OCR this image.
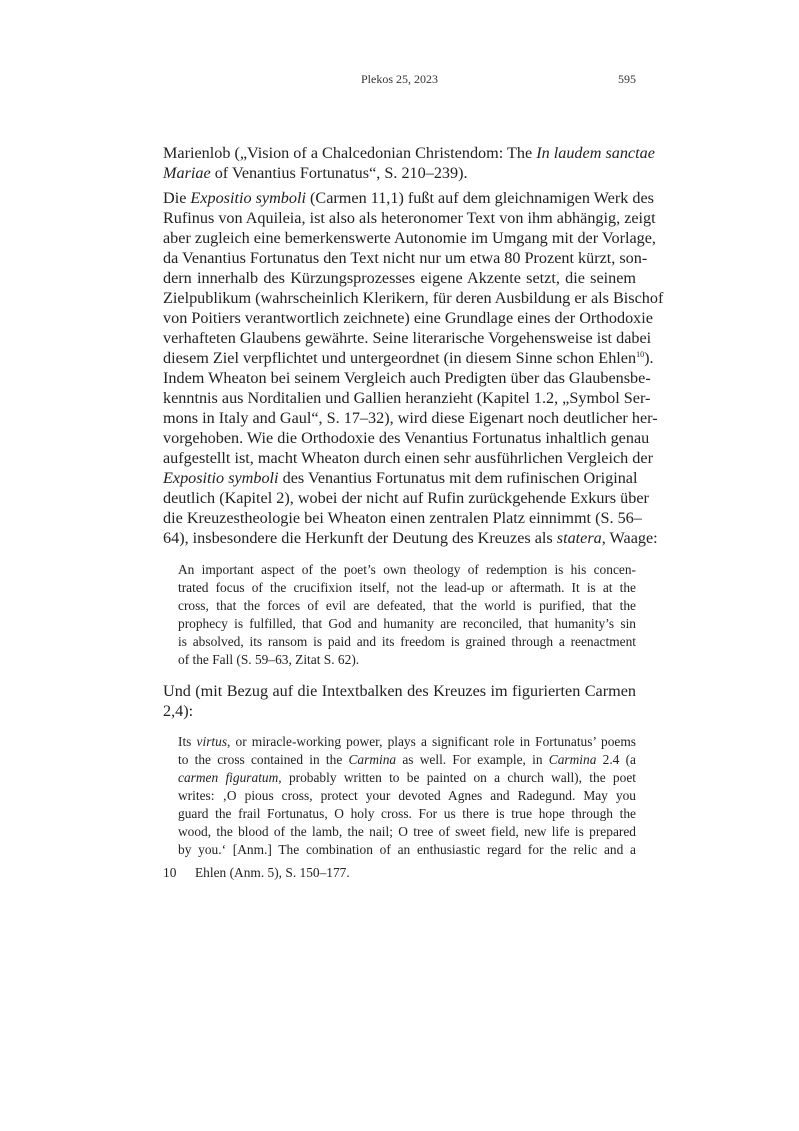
Plekos 25, 2023	595
Marienlob („Vision of a Chalcedonian Christendom: The In laudem sanctae
Mariae of Venantius Fortunatus“, S. 210–239).
Die Expositio symboli (Carmen 11,1) fußt auf dem gleichnamigen Werk des
Rufinus von Aquileia, ist also als heteronomer Text von ihm abhängig, zeigt
aber zugleich eine bemerkenswerte Autonomie im Umgang mit der Vorlage,
da Venantius Fortunatus den Text nicht nur um etwa 80 Prozent kürzt, son-
dern innerhalb des Kürzungsprozesses eigene Akzente setzt, die seinem
Zielpublikum (wahrscheinlich Klerikern, für deren Ausbildung er als Bischof
von Poitiers verantwortlich zeichnete) eine Grundlage eines der Orthodoxie
verhafteten Glaubens gewährte. Seine literarische Vorgehensweise ist dabei
diesem Ziel verpflichtet und untergeordnet (in diesem Sinne schon Ehlen$^{10}$).
Indem Wheaton bei seinem Vergleich auch Predigten über das Glaubensbe-
kenntnis aus Norditalien und Gallien heranzieht (Kapitel 1.2, „Symbol Ser-
mons in Italy and Gaul“, S. 17–32), wird diese Eigenart noch deutlicher her-
vorgehoben. Wie die Orthodoxie des Venantius Fortunatus inhaltlich genau
aufgestellt ist, macht Wheaton durch einen sehr ausführlichen Vergleich der
Expositio symboli des Venantius Fortunatus mit dem rufinischen Original
deutlich (Kapitel 2), wobei der nicht auf Rufin zurückgehende Exkurs über
die Kreuzestheologie bei Wheaton einen zentralen Platz einnimmt (S. 56–
64), insbesondere die Herkunft der Deutung des Kreuzes als statera, Waage:
An important aspect of the poet’s own theology of redemption is his concen-
trated focus of the crucifixion itself, not the lead-up or aftermath. It is at the
cross, that the forces of evil are defeated, that the world is purified, that the
prophecy is fulfilled, that God and humanity are reconciled, that humanity’s sin
is absolved, its ransom is paid and its freedom is grained through a reenactment
of the Fall (S. 59–63, Zitat S. 62).
Und (mit Bezug auf die Intextbalken des Kreuzes im figurierten Carmen
2,4):
Its virtus, or miracle-working power, plays a significant role in Fortunatus’ poems
to the cross contained in the Carmina as well. For example, in Carmina 2.4 (a
carmen figuratum, probably written to be painted on a church wall), the poet
writes: ‚O pious cross, protect your devoted Agnes and Radegund. May you
guard the frail Fortunatus, O holy cross. For us there is true hope through the
wood, the blood of the lamb, the nail; O tree of sweet field, new life is prepared
by you.‘ [Anm.] The combination of an enthusiastic regard for the relic and a
10 Ehlen (Anm. 5), S. 150–177.
